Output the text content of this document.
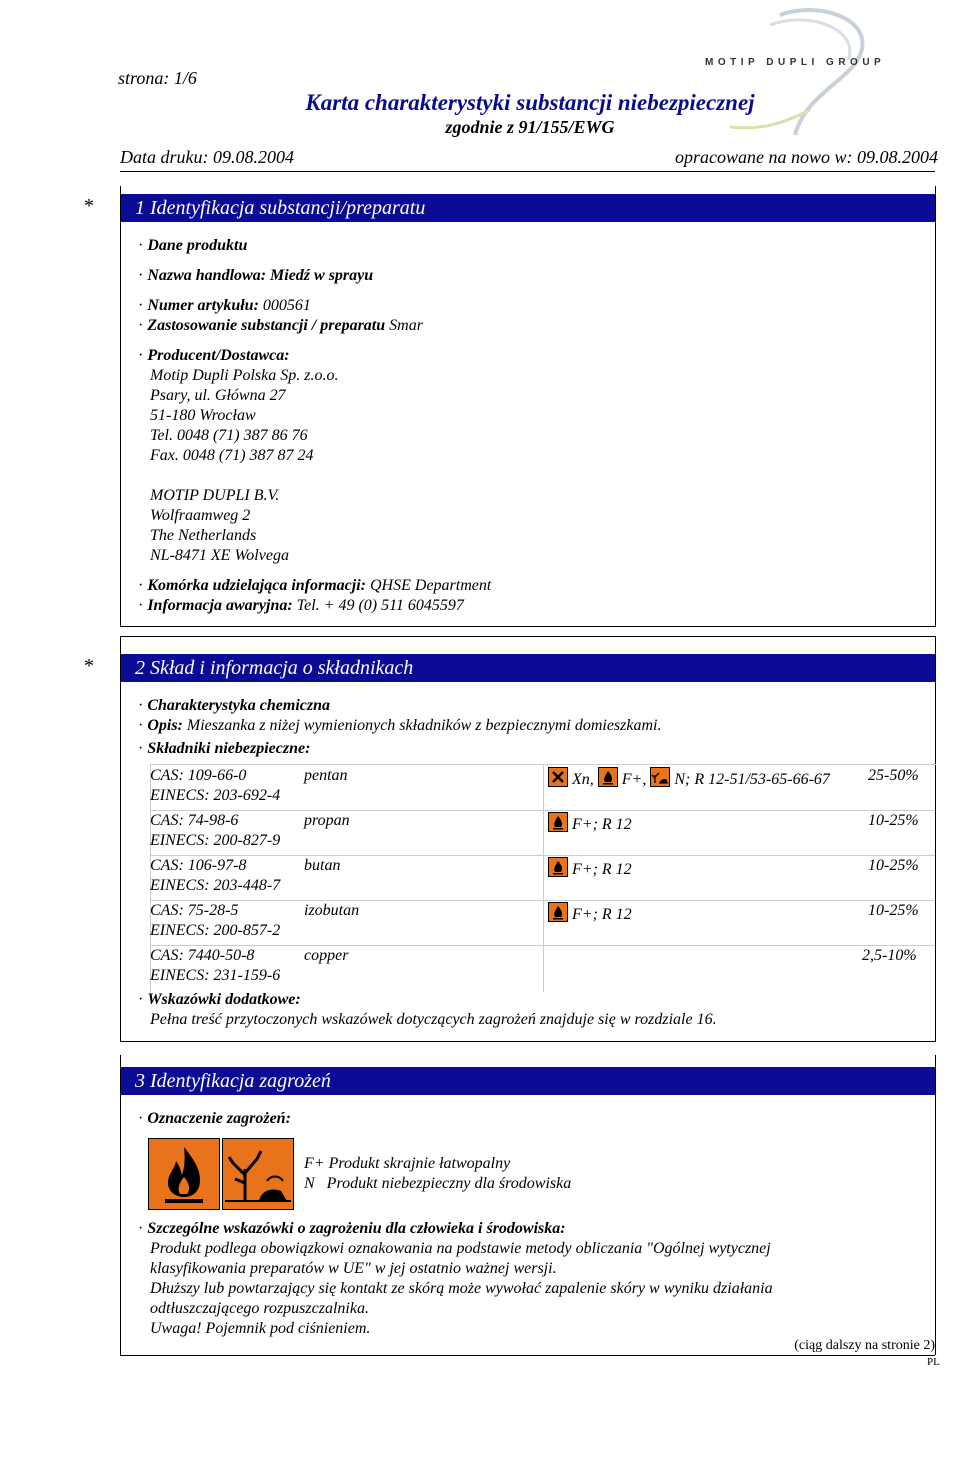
strona: 1/6
MOTIP DUPLI GROUP
Karta charakterystyki substancji niebezpiecznej
zgodnie z 91/155/EWG
Data druku: 09.08.2004	opracowane na nowo w: 09.08.2004
*	1 Identyfikacja substancji/preparatu
· Dane produktu
· Nazwa handlowa: Miedź w sprayu
· Numer artykułu: 000561
· Zastosowanie substancji / preparatu Smar
· Producent/Dostawca:
Motip Dupli Polska Sp. z.o.o.
Psary, ul. Główna 27
51-180 Wrocław
Tel. 0048 (71) 387 86 76
Fax. 0048 (71) 387 87 24
MOTIP DUPLI B.V.
Wolfraamweg 2
The Netherlands
NL-8471 XE Wolvega
· Komórka udzielająca informacji: QHSE Department
· Informacja awaryjna: Tel. + 49 (0) 511 6045597
*	2 Skład i informacja o składnikach
· Charakterystyka chemiczna
· Opis: Mieszanka z niżej wymienionych składników z bezpiecznymi domieszkami.
· Składniki niebezpieczne:
CAS: 109-66-0
EINECS: 203-692-4
pentan	Xn, F+, N; R 12-51/53-65-66-67 25-50%
CAS: 74-98-6
EINECS: 200-827-9
propan	F+; R 12	10-25%
CAS: 106-97-8
EINECS: 203-448-7
butan	F+; R 12	10-25%
CAS: 75-28-5
EINECS: 200-857-2
izobutan	F+; R 12	10-25%
CAS: 7440-50-8
EINECS: 231-159-6
copper	2,5-10%
· Wskazówki dodatkowe:
Pełna treść przytoczonych wskazówek dotyczących zagrożeń znajduje się w rozdziale 16.
3 Identyfikacja zagrożeń
· Oznaczenie zagrożeń:
F+ Produkt skrajnie łatwopalny
N   Produkt niebezpieczny dla środowiska
· Szczególne wskazówki o zagrożeniu dla człowieka i środowiska:
Produkt podlega obowiązkowi oznakowania na podstawie metody obliczania "Ogólnej wytycznej
klasyfikowania preparatów w UE" w jej ostatnio ważnej wersji.
Dłuższy lub powtarzający się kontakt ze skórą może wywołać zapalenie skóry w wyniku działania
odtłuszczającego rozpuszczalnika.
Uwaga! Pojemnik pod ciśnieniem.
(ciąg dalszy na stronie 2)
PL
